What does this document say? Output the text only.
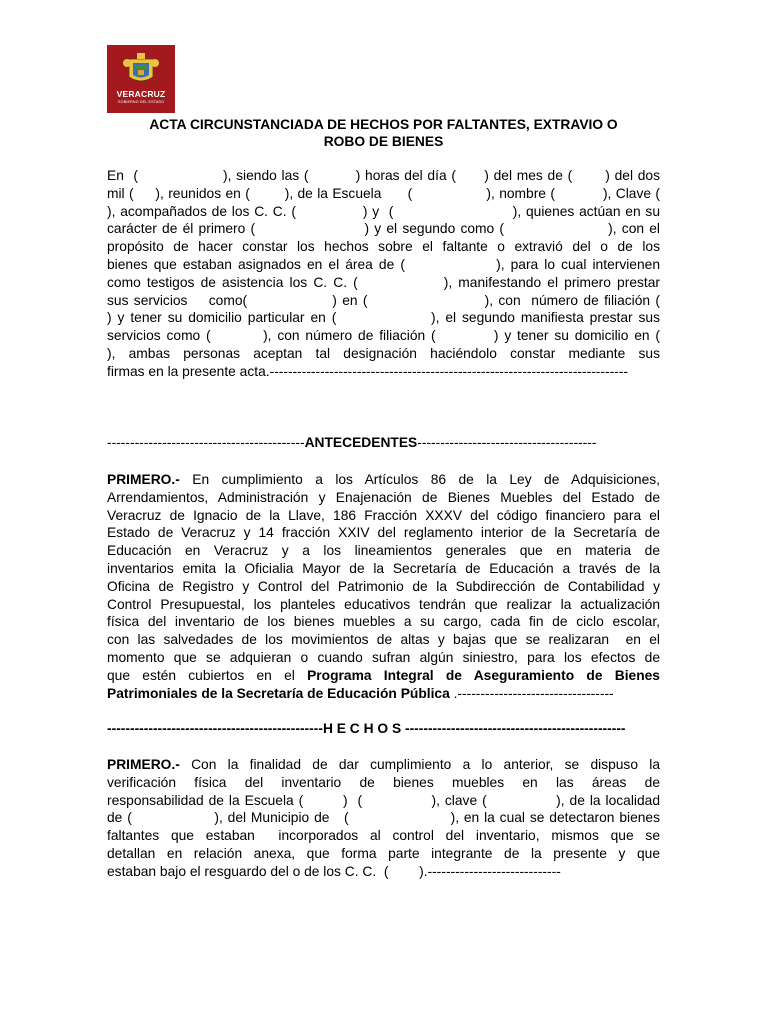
VERACRUZ
GOBIERNO DEL ESTADO
ACTA CIRCUNSTANCIADA DE HECHOS POR FALTANTES, EXTRAVIO O
ROBO DE BIENES
En  (                  ), siendo las (          ) horas del día (      ) del mes de (       ) del dos
mil (     ), reunidos en (        ), de la Escuela      (                 ), nombre (           ), Clave (
), acompañados de los C. C. (              ) y  (                         ), quienes actúan en su
carácter de él primero (                     ) y el segundo como (                    ), con el
propósito de hacer constar los hechos sobre el faltante o extravió del o de los
bienes que estaban asignados en el área de (               ), para lo cual intervienen
como testigos de asistencia los C. C. (              ), manifestando el primero prestar
sus servicios    como(                ) en (                      ), con  número de filiación (
) y tener su domicilio particular en (                ), el segundo manifiesta prestar sus
servicios como (         ), con número de filiación (          ) y tener su domicilio en (
), ambas personas aceptan tal designación haciéndolo constar mediante sus
firmas en la presente acta.------------------------------------------------------------------------------
-------------------------------------------ANTECEDENTES---------------------------------------
PRIMERO.- En cumplimiento a los Artículos 86 de la Ley de Adquisiciones,
Arrendamientos, Administración y Enajenación de Bienes Muebles del Estado de
Veracruz de Ignacio de la Llave, 186 Fracción XXXV del código financiero para el
Estado de Veracruz y 14 fracción XXIV del reglamento interior de la Secretaría de
Educación en Veracruz y a los lineamientos generales que en materia de
inventarios emita la Oficialia Mayor de la Secretaría de Educación a través de la
Oficina de Registro y Control del Patrimonio de la Subdirección de Contabilidad y
Control Presupuestal, los planteles educativos tendrán que realizar la actualización
física del inventario de los bienes muebles a su cargo, cada fin de ciclo escolar,
con las salvedades de los movimientos de altas y bajas que se realizaran  en el
momento que se adquieran o cuando sufran algún siniestro, para los efectos de
que estén cubiertos en el Programa Integral de Aseguramiento de Bienes
Patrimoniales de la Secretaría de Educación Pública .----------------------------------
-----------------------------------------------H E C H O S ------------------------------------------------
PRIMERO.- Con la finalidad de dar cumplimiento a lo anterior, se dispuso la
verificación física del inventario de bienes muebles en las áreas de
responsabilidad de la Escuela (        )  (              ), clave (              ), de la localidad
de (                 ), del Municipio de   (                     ), en la cual se detectaron bienes
faltantes que estaban  incorporados al control del inventario, mismos que se
detallan en relación anexa, que forma parte integrante de la presente y que
estaban bajo el resguardo del o de los C. C.  (        ).-----------------------------
